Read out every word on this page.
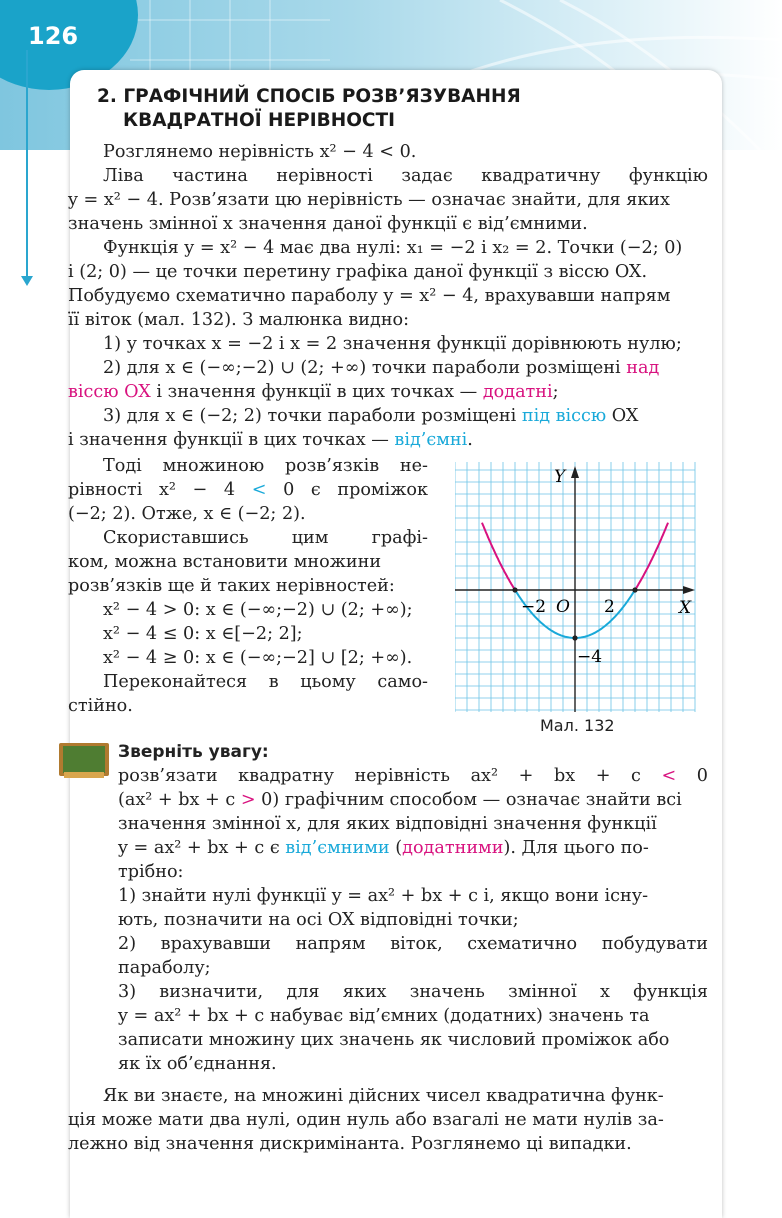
126
2. ГРАФІЧНИЙ СПОСІБ РОЗВ’ЯЗУВАННЯ
КВАДРАТНОЇ НЕРІВНОСТІ
Розглянемо нерівність x² − 4 < 0.
Ліва частина нерівності задає квадратичну функцію
y = x² − 4. Розв’язати цю нерівність — означає знайти, для яких
значень змінної x значення даної функції є від’ємними.
Функція y = x² − 4 має два нулі: x₁ = −2 і x₂ = 2. Точки (−2; 0)
і (2; 0) — це точки перетину графіка даної функції з віссю OX.
Побудуємо схематично параболу y = x² − 4, врахувавши напрям
її віток (мал. 132). З малюнка видно:
1) у точках x = −2 і x = 2 значення функції дорівнюють нулю;
2) для x ∈ (−∞;−2) ∪ (2; +∞) точки параболи розміщені над
віссю OX і значення функції в цих точках — додатні;
3) для x ∈ (−2; 2) точки параболи розміщені під віссю OX
і значення функції в цих точках — від’ємні.
Тоді множиною розв’язків не-
рівності x² − 4 < 0 є проміжок
(−2; 2). Отже, x ∈ (−2; 2).
Скориставшись цим графі-
ком, можна встановити множини
розв’язків ще й таких нерівностей:
x² − 4 > 0: x ∈ (−∞;−2) ∪ (2; +∞);
x² − 4 ≤ 0: x ∈[−2; 2];
x² − 4 ≥ 0: x ∈ (−∞;−2] ∪ [2; +∞).
Переконайтеся в цьому само-
стійно.
Y
X
O
−2	2
−4
Мал. 132
Зверніть увагу:
розв’язати квадратну нерівність ax² + bx + c < 0
(ax² + bx + c > 0) графічним способом — означає знайти всі
значення змінної x, для яких відповідні значення функції
y = ax² + bx + c є від’ємними (додатними). Для цього по-
трібно:
1) знайти нулі функції y = ax² + bx + c і, якщо вони існу-
ють, позначити на осі OX відповідні точки;
2) врахувавши напрям віток, схематично побудувати
параболу;
3) визначити, для яких значень змінної x функція
y = ax² + bx + c набуває від’ємних (додатних) значень та
записати множину цих значень як числовий проміжок або
як їх об’єднання.
Як ви знаєте, на множині дійсних чисел квадратична функ-
ція може мати два нулі, один нуль або взагалі не мати нулів за-
лежно від значення дискримінанта. Розглянемо ці випадки.
